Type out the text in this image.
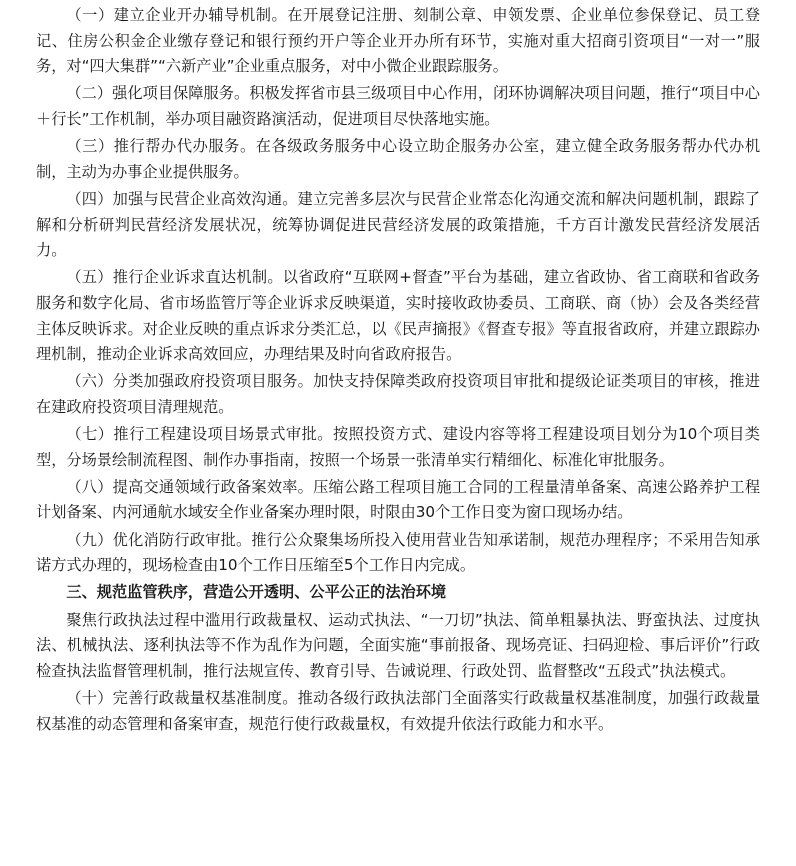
（一）建立企业开办辅导机制。在开展登记注册、刻制公章、申领发票、企业单位参保登记、员工登记、住房公积金企业缴存登记和银行预约开户等企业开办所有环节，实施对重大招商引资项目“一对一”服务，对“四大集群”“六新产业”企业重点服务，对中小微企业跟踪服务。

（二）强化项目保障服务。积极发挥省市县三级项目中心作用，闭环协调解决项目问题，推行“项目中心＋行长”工作机制，举办项目融资路演活动，促进项目尽快落地实施。

（三）推行帮办代办服务。在各级政务服务中心设立助企服务办公室，建立健全政务服务帮办代办机制，主动为办事企业提供服务。

（四）加强与民营企业高效沟通。建立完善多层次与民营企业常态化沟通交流和解决问题机制，跟踪了解和分析研判民营经济发展状况，统筹协调促进民营经济发展的政策措施，千方百计激发民营经济发展活力。

（五）推行企业诉求直达机制。以省政府“互联网+督查”平台为基础，建立省政协、省工商联和省政务服务和数字化局、省市场监管厅等企业诉求反映渠道，实时接收政协委员、工商联、商（协）会及各类经营主体反映诉求。对企业反映的重点诉求分类汇总，以《民声摘报》《督查专报》等直报省政府，并建立跟踪办理机制，推动企业诉求高效回应，办理结果及时向省政府报告。

（六）分类加强政府投资项目服务。加快支持保障类政府投资项目审批和提级论证类项目的审核，推进在建政府投资项目清理规范。

（七）推行工程建设项目场景式审批。按照投资方式、建设内容等将工程建设项目划分为10个项目类型，分场景绘制流程图、制作办事指南，按照一个场景一张清单实行精细化、标准化审批服务。

（八）提高交通领域行政备案效率。压缩公路工程项目施工合同的工程量清单备案、高速公路养护工程计划备案、内河通航水域安全作业备案办理时限，时限由30个工作日变为窗口现场办结。

（九）优化消防行政审批。推行公众聚集场所投入使用营业告知承诺制，规范办理程序；不采用告知承诺方式办理的，现场检查由10个工作日压缩至5个工作日内完成。

三、规范监管秩序，营造公开透明、公平公正的法治环境

聚焦行政执法过程中滥用行政裁量权、运动式执法、“一刀切”执法、简单粗暴执法、野蛮执法、过度执法、机械执法、逐利执法等不作为乱作为问题，全面实施“事前报备、现场亮证、扫码迎检、事后评价”行政检查执法监督管理机制，推行法规宣传、教育引导、告诫说理、行政处罚、监督整改“五段式”执法模式。

（十）完善行政裁量权基准制度。推动各级行政执法部门全面落实行政裁量权基准制度，加强行政裁量权基准的动态管理和备案审查，规范行使行政裁量权，有效提升依法行政能力和水平。
